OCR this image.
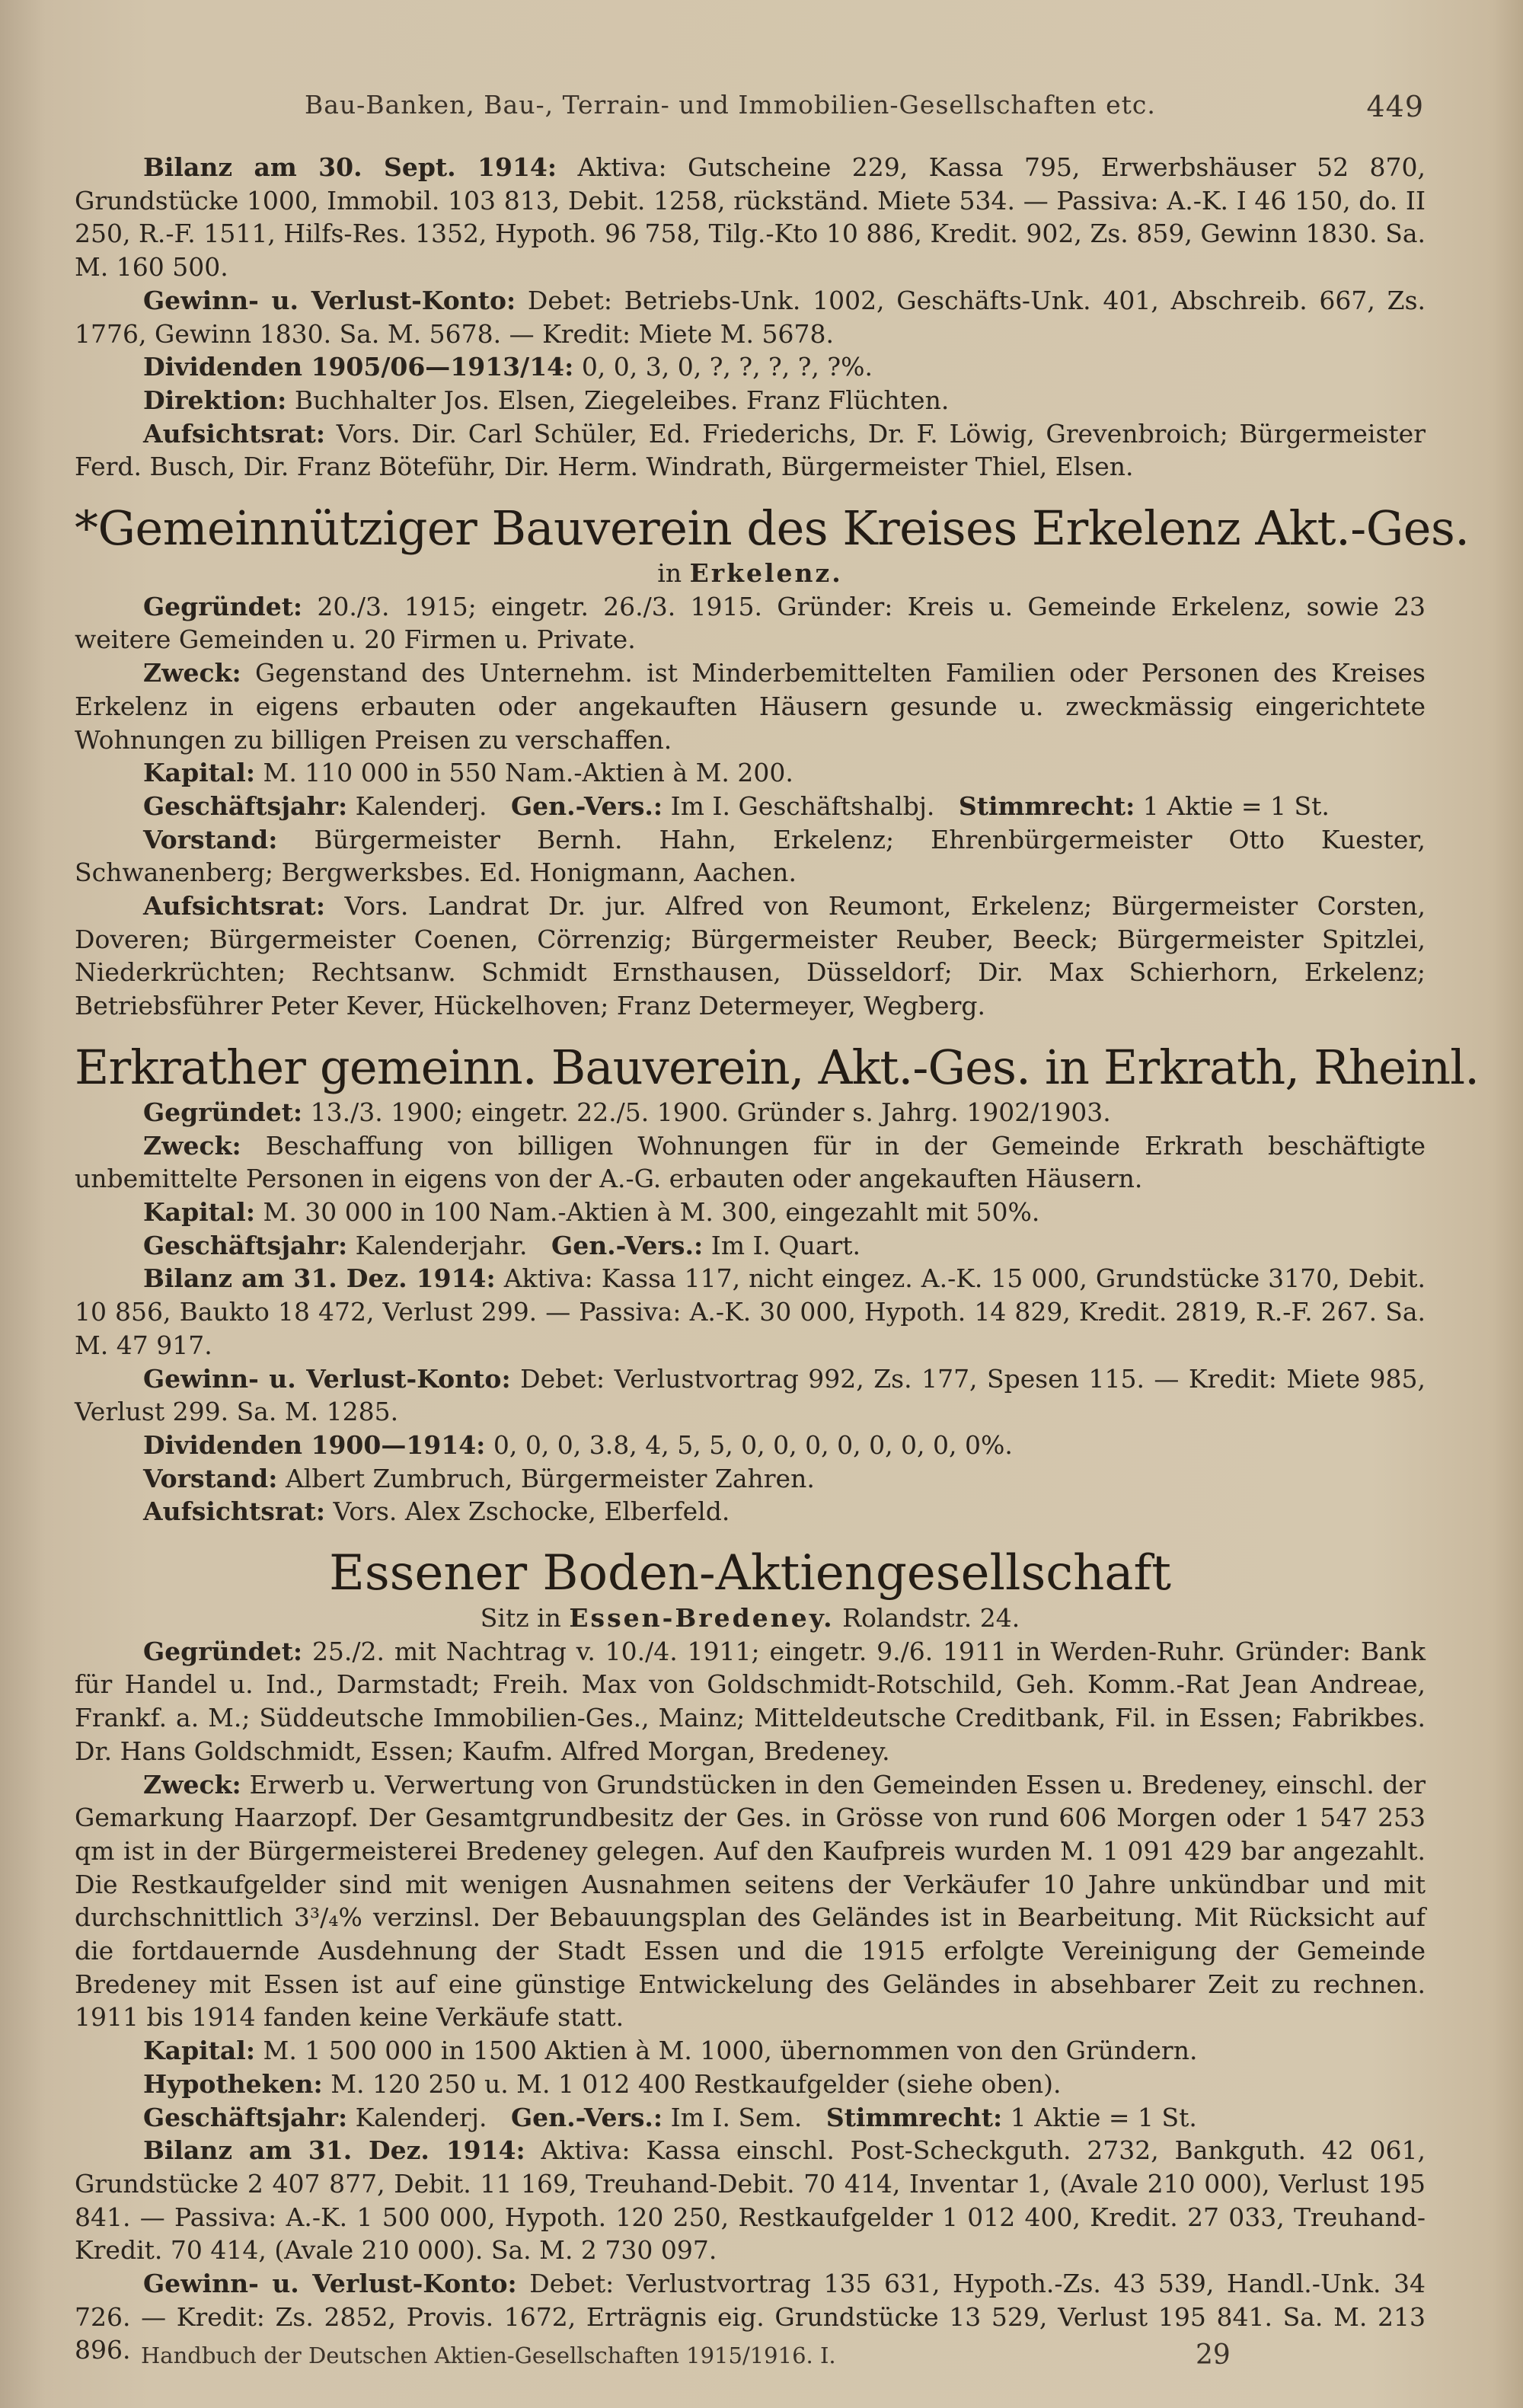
Bau-Banken, Bau-, Terrain- und Immobilien-Gesellschaften etc.	449

Bilanz am 30. Sept. 1914: Aktiva: Gutscheine 229, Kassa 795, Erwerbshäuser 52 870, Grundstücke 1000, Immobil. 103 813, Debit. 1258, rückständ. Miete 534. — Passiva: A.-K. I 46 150, do. II 250, R.-F. 1511, Hilfs-Res. 1352, Hypoth. 96 758, Tilg.-Kto 10 886, Kredit. 902, Zs. 859, Gewinn 1830. Sa. M. 160 500.

Gewinn- u. Verlust-Konto: Debet: Betriebs-Unk. 1002, Geschäfts-Unk. 401, Abschreib. 667, Zs. 1776, Gewinn 1830. Sa. M. 5678. — Kredit: Miete M. 5678.

Dividenden 1905/06—1913/14: 0, 0, 3, 0, ?, ?, ?, ?, ?%.

Direktion: Buchhalter Jos. Elsen, Ziegeleibes. Franz Flüchten.

Aufsichtsrat: Vors. Dir. Carl Schüler, Ed. Friederichs, Dr. F. Löwig, Grevenbroich; Bürgermeister Ferd. Busch, Dir. Franz Böteführ, Dir. Herm. Windrath, Bürgermeister Thiel, Elsen.

*Gemeinnütziger Bauverein des Kreises Erkelenz Akt.-Ges.

in Erkelenz.

Gegründet: 20./3. 1915; eingetr. 26./3. 1915. Gründer: Kreis u. Gemeinde Erkelenz, sowie 23 weitere Gemeinden u. 20 Firmen u. Private.

Zweck: Gegenstand des Unternehm. ist Minderbemittelten Familien oder Personen des Kreises Erkelenz in eigens erbauten oder angekauften Häusern gesunde u. zweckmässig eingerichtete Wohnungen zu billigen Preisen zu verschaffen.

Kapital: M. 110 000 in 550 Nam.-Aktien à M. 200.

Geschäftsjahr: Kalenderj. Gen.-Vers.: Im I. Geschäftshalbj. Stimmrecht: 1 Aktie = 1 St.

Vorstand: Bürgermeister Bernh. Hahn, Erkelenz; Ehrenbürgermeister Otto Kuester, Schwanenberg; Bergwerksbes. Ed. Honigmann, Aachen.

Aufsichtsrat: Vors. Landrat Dr. jur. Alfred von Reumont, Erkelenz; Bürgermeister Corsten, Doveren; Bürgermeister Coenen, Cörrenzig; Bürgermeister Reuber, Beeck; Bürgermeister Spitzlei, Niederkrüchten; Rechtsanw. Schmidt Ernsthausen, Düsseldorf; Dir. Max Schierhorn, Erkelenz; Betriebsführer Peter Kever, Hückelhoven; Franz Determeyer, Wegberg.

Erkrather gemeinn. Bauverein, Akt.-Ges. in Erkrath, Rheinl.

Gegründet: 13./3. 1900; eingetr. 22./5. 1900. Gründer s. Jahrg. 1902/1903.

Zweck: Beschaffung von billigen Wohnungen für in der Gemeinde Erkrath beschäftigte unbemittelte Personen in eigens von der A.-G. erbauten oder angekauften Häusern.

Kapital: M. 30 000 in 100 Nam.-Aktien à M. 300, eingezahlt mit 50%.

Geschäftsjahr: Kalenderjahr. Gen.-Vers.: Im I. Quart.

Bilanz am 31. Dez. 1914: Aktiva: Kassa 117, nicht eingez. A.-K. 15 000, Grundstücke 3170, Debit. 10 856, Baukto 18 472, Verlust 299. — Passiva: A.-K. 30 000, Hypoth. 14 829, Kredit. 2819, R.-F. 267. Sa. M. 47 917.

Gewinn- u. Verlust-Konto: Debet: Verlustvortrag 992, Zs. 177, Spesen 115. — Kredit: Miete 985, Verlust 299. Sa. M. 1285.

Dividenden 1900—1914: 0, 0, 0, 3.8, 4, 5, 5, 0, 0, 0, 0, 0, 0, 0, 0%.

Vorstand: Albert Zumbruch, Bürgermeister Zahren.

Aufsichtsrat: Vors. Alex Zschocke, Elberfeld.

Essener Boden-Aktiengesellschaft

Sitz in Essen-Bredeney. Rolandstr. 24.

Gegründet: 25./2. mit Nachtrag v. 10./4. 1911; eingetr. 9./6. 1911 in Werden-Ruhr. Gründer: Bank für Handel u. Ind., Darmstadt; Freih. Max von Goldschmidt-Rotschild, Geh. Komm.-Rat Jean Andreae, Frankf. a. M.; Süddeutsche Immobilien-Ges., Mainz; Mitteldeutsche Creditbank, Fil. in Essen; Fabrikbes. Dr. Hans Goldschmidt, Essen; Kaufm. Alfred Morgan, Bredeney.

Zweck: Erwerb u. Verwertung von Grundstücken in den Gemeinden Essen u. Bredeney, einschl. der Gemarkung Haarzopf. Der Gesamtgrundbesitz der Ges. in Grösse von rund 606 Morgen oder 1 547 253 qm ist in der Bürgermeisterei Bredeney gelegen. Auf den Kaufpreis wurden M. 1 091 429 bar angezahlt. Die Restkaufgelder sind mit wenigen Ausnahmen seitens der Verkäufer 10 Jahre unkündbar und mit durchschnittlich 3³/₄% verzinsl. Der Bebauungsplan des Geländes ist in Bearbeitung. Mit Rücksicht auf die fortdauernde Ausdehnung der Stadt Essen und die 1915 erfolgte Vereinigung der Gemeinde Bredeney mit Essen ist auf eine günstige Entwickelung des Geländes in absehbarer Zeit zu rechnen. 1911 bis 1914 fanden keine Verkäufe statt.

Kapital: M. 1 500 000 in 1500 Aktien à M. 1000, übernommen von den Gründern.

Hypotheken: M. 120 250 u. M. 1 012 400 Restkaufgelder (siehe oben).

Geschäftsjahr: Kalenderj. Gen.-Vers.: Im I. Sem. Stimmrecht: 1 Aktie = 1 St.

Bilanz am 31. Dez. 1914: Aktiva: Kassa einschl. Post-Scheckguth. 2732, Bankguth. 42 061, Grundstücke 2 407 877, Debit. 11 169, Treuhand-Debit. 70 414, Inventar 1, (Avale 210 000), Verlust 195 841. — Passiva: A.-K. 1 500 000, Hypoth. 120 250, Restkaufgelder 1 012 400, Kredit. 27 033, Treuhand-Kredit. 70 414, (Avale 210 000). Sa. M. 2 730 097.

Gewinn- u. Verlust-Konto: Debet: Verlustvortrag 135 631, Hypoth.-Zs. 43 539, Handl.-Unk. 34 726. — Kredit: Zs. 2852, Provis. 1672, Erträgnis eig. Grundstücke 13 529, Verlust 195 841. Sa. M. 213 896. Handbuch der Deutschen Aktien-Gesellschaften 1915/1916. I.	29
